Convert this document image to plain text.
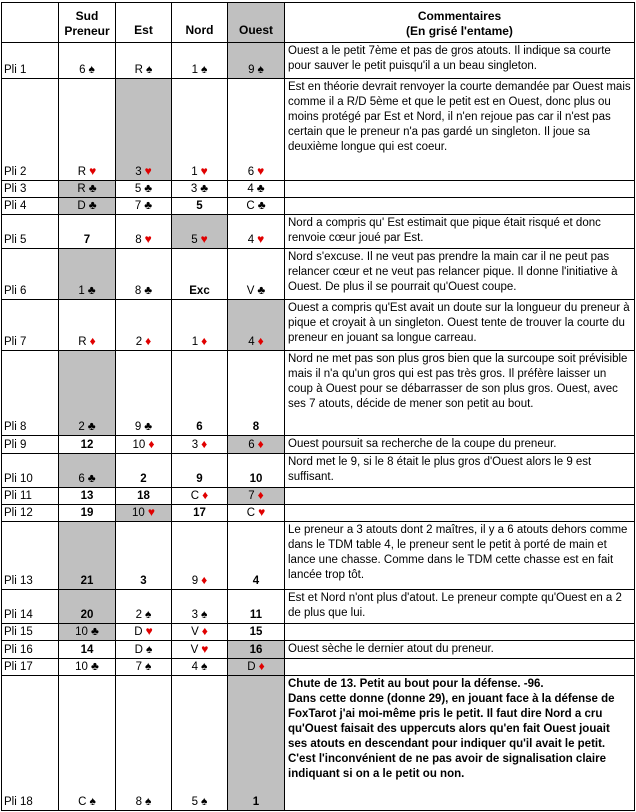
	Sud
Preneur	Est	Nord	Ouest	Commentaires
(En grisé l'entame)

Pli 1	6 ♠	R ♠	1 ♠	9 ♠	Ouest a le petit 7ème et pas de gros atouts. Il indique sa courte pour sauver le petit puisqu'il a un beau singleton.
Pli 2	R ♥	3 ♥	1 ♥	6 ♥	Est en théorie devrait renvoyer la courte demandée par Ouest mais comme il a R/D 5ème et que le petit est en Ouest, donc plus ou moins protégé par Est et Nord, il n'en rejoue pas car il n'est pas certain que le preneur n'a pas gardé un singleton. Il joue sa deuxième longue qui est coeur.
Pli 3	R ♣	5 ♣	3 ♣	4 ♣	
Pli 4	D ♣	7 ♣	5	C ♣	
Pli 5	7	8 ♥	5 ♥	4 ♥	Nord a compris qu' Est estimait que pique était risqué et donc renvoie cœur joué par Est.
Pli 6	1 ♣	8 ♣	Exc	V ♣	Nord s'excuse. Il ne veut pas prendre la main car il ne peut pas relancer cœur et ne veut pas relancer pique. Il donne l'initiative à Ouest. De plus il se pourrait qu'Ouest coupe.
Pli 7	R ♦	2 ♦	1 ♦	4 ♦	Ouest a compris qu'Est avait un doute sur la longueur du preneur à pique et croyait à un singleton. Ouest tente de trouver la courte du preneur en jouant sa longue carreau.
Pli 8	2 ♣	9 ♣	6	8	Nord ne met pas son plus gros bien que la surcoupe soit prévisible mais il n'a qu'un gros qui est pas très gros. Il préfère laisser un coup à Ouest pour se débarrasser de son plus gros. Ouest, avec ses 7 atouts, décide de mener son petit au bout.
Pli 9	12	10 ♦	3 ♦	6 ♦	Ouest poursuit sa recherche de la coupe du preneur.
Pli 10	6 ♣	2	9	10	Nord met le 9, si le 8 était le plus gros d'Ouest alors le 9 est suffisant.
Pli 11	13	18	C ♦	7 ♦	
Pli 12	19	10 ♥	17	C ♥	
Pli 13	21	3	9 ♦	4	Le preneur a 3 atouts dont 2 maîtres, il y a 6 atouts dehors comme dans le TDM table 4, le preneur sent le petit à porté de main et lance une chasse. Comme dans le TDM cette chasse est en fait lancée trop tôt.
Pli 14	20	2 ♠	3 ♠	11	Est et Nord n'ont plus d'atout. Le preneur compte qu'Ouest en a 2 de plus que lui.
Pli 15	10 ♣	D ♥	V ♦	15	
Pli 16	14	D ♠	V ♥	16	Ouest sèche le dernier atout du preneur.
Pli 17	10 ♣	7 ♠	4 ♠	D ♦	
Pli 18	C ♠	8 ♠	5 ♠	1	Chute de 13. Petit au bout pour la défense. -96.
Dans cette donne (donne 29), en jouant face à la défense de FoxTarot j'ai moi-même pris le petit. Il faut dire Nord a cru qu'Ouest faisait des uppercuts alors qu'en fait Ouest jouait ses atouts en descendant pour indiquer qu'il avait le petit. C'est l'inconvénient de ne pas avoir de signalisation claire indiquant si on a le petit ou non.
